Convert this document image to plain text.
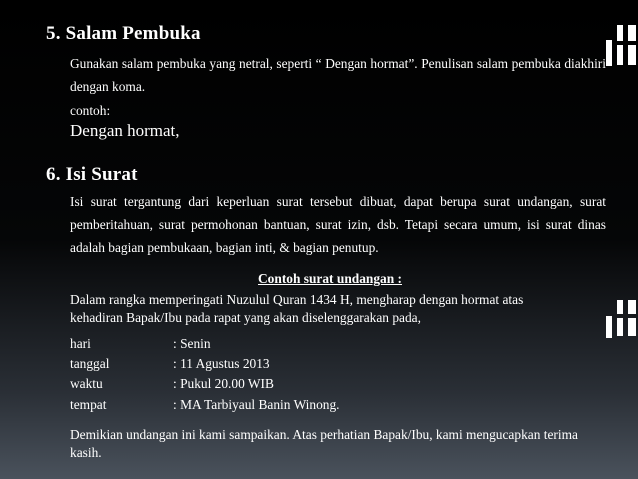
5. Salam Pembuka
Gunakan salam pembuka yang netral, seperti “ Dengan hormat”. Penulisan salam pembuka diakhiri dengan koma.
contoh:
Dengan hormat,
6. Isi Surat
Isi surat tergantung dari keperluan surat tersebut dibuat, dapat berupa surat undangan, surat pemberitahuan, surat permohonan bantuan, surat izin, dsb. Tetapi secara umum, isi surat dinas adalah bagian pembukaan, bagian inti, & bagian penutup.
Contoh surat undangan :
Dalam rangka memperingati Nuzulul Quran 1434 H, mengharap dengan hormat atas kehadiran Bapak/Ibu pada rapat yang akan diselenggarakan pada,
hari	: Senin
tanggal	: 11 Agustus 2013
waktu	: Pukul 20.00 WIB
tempat	: MA Tarbiyaul Banin Winong.
Demikian undangan ini kami sampaikan. Atas perhatian Bapak/Ibu, kami mengucapkan terima kasih.
